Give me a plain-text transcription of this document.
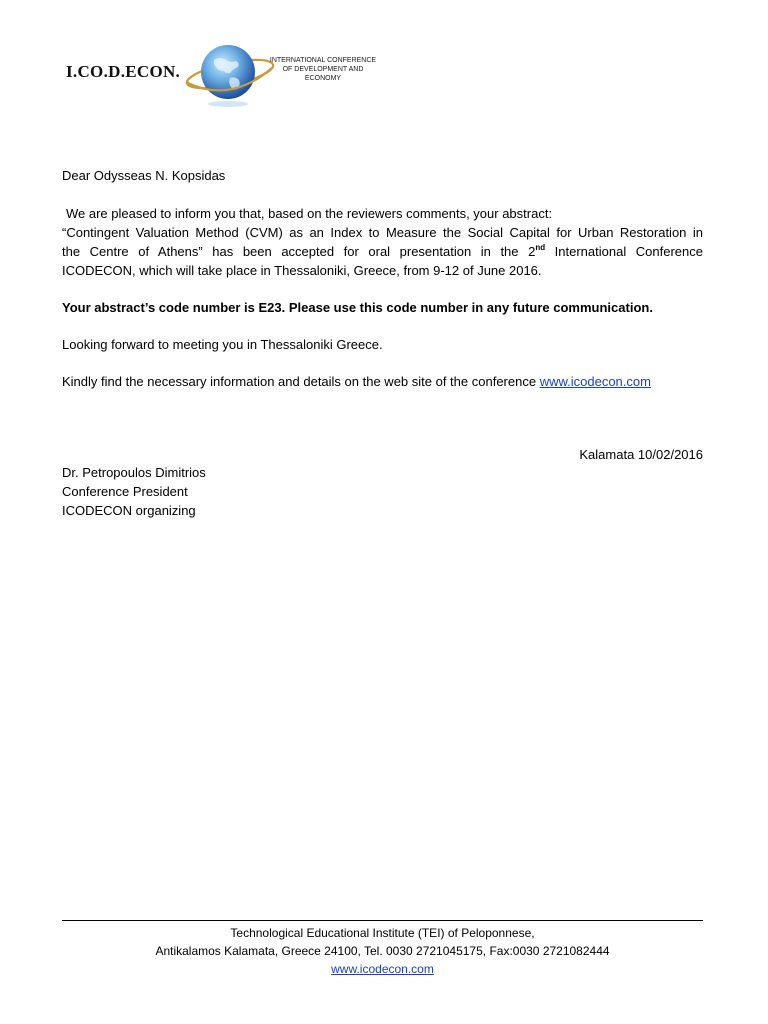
I.CO.D.ECON.
INTERNATIONAL CONFERENCE
OF DEVELOPMENT AND
ECONOMY
Dear Odysseas N. Kopsidas
We are pleased to inform you that, based on the reviewers comments, your abstract:
“Contingent Valuation Method (CVM) as an Index to Measure the Social Capital for Urban Restoration in
the Centre of Athens” has been accepted for oral presentation in the 2nd International Conference
ICODECON, which will take place in Thessaloniki, Greece, from 9-12 of June 2016.
Your abstract’s code number is E23. Please use this code number in any future communication.
Looking forward to meeting you in Thessaloniki Greece.
Kindly find the necessary information and details on the web site of the conference www.icodecon.com
Kalamata 10/02/2016
Dr. Petropoulos Dimitrios
Conference President
ICODECON organizing
Technological Educational Institute (TEI) of Peloponnese,
Antikalamos Kalamata, Greece 24100, Tel. 0030 2721045175, Fax:0030 2721082444
www.icodecon.com
